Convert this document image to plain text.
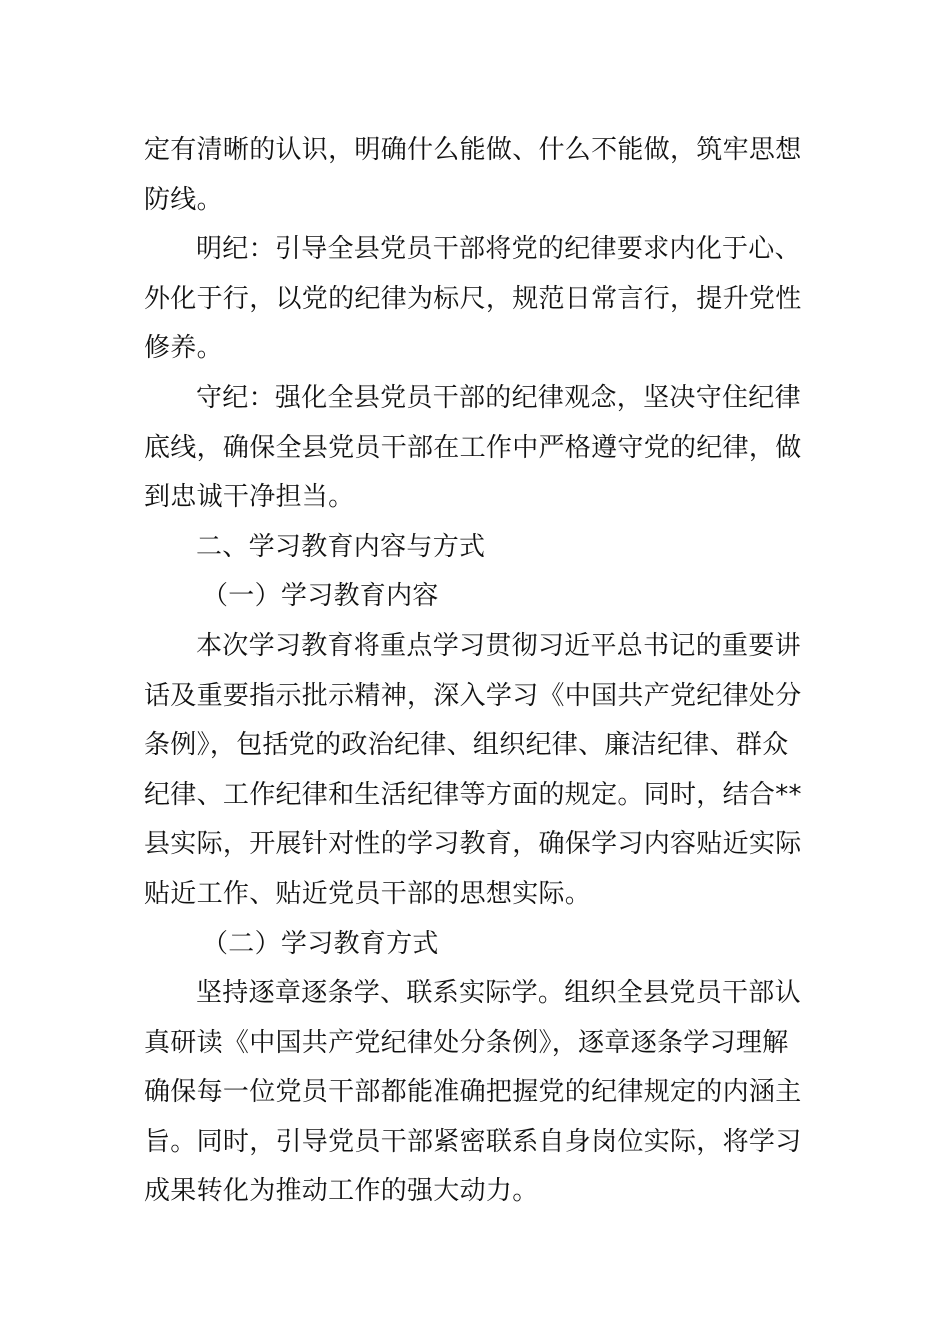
定有清晰的认识，明确什么能做、什么不能做，筑牢思想
防线。

明纪：引导全县党员干部将党的纪律要求内化于心、
外化于行，以党的纪律为标尺，规范日常言行，提升党性
修养。

守纪：强化全县党员干部的纪律观念，坚决守住纪律
底线，确保全县党员干部在工作中严格遵守党的纪律，做
到忠诚干净担当。

二、学习教育内容与方式

（一）学习教育内容

本次学习教育将重点学习贯彻习近平总书记的重要讲
话及重要指示批示精神，深入学习《中国共产党纪律处分
条例》，包括党的政治纪律、组织纪律、廉洁纪律、群众
纪律、工作纪律和生活纪律等方面的规定。同时，结合**
县实际，开展针对性的学习教育，确保学习内容贴近实际
贴近工作、贴近党员干部的思想实际。

（二）学习教育方式

坚持逐章逐条学、联系实际学。组织全县党员干部认
真研读《中国共产党纪律处分条例》，逐章逐条学习理解
确保每一位党员干部都能准确把握党的纪律规定的内涵主
旨。同时，引导党员干部紧密联系自身岗位实际，将学习
成果转化为推动工作的强大动力。
